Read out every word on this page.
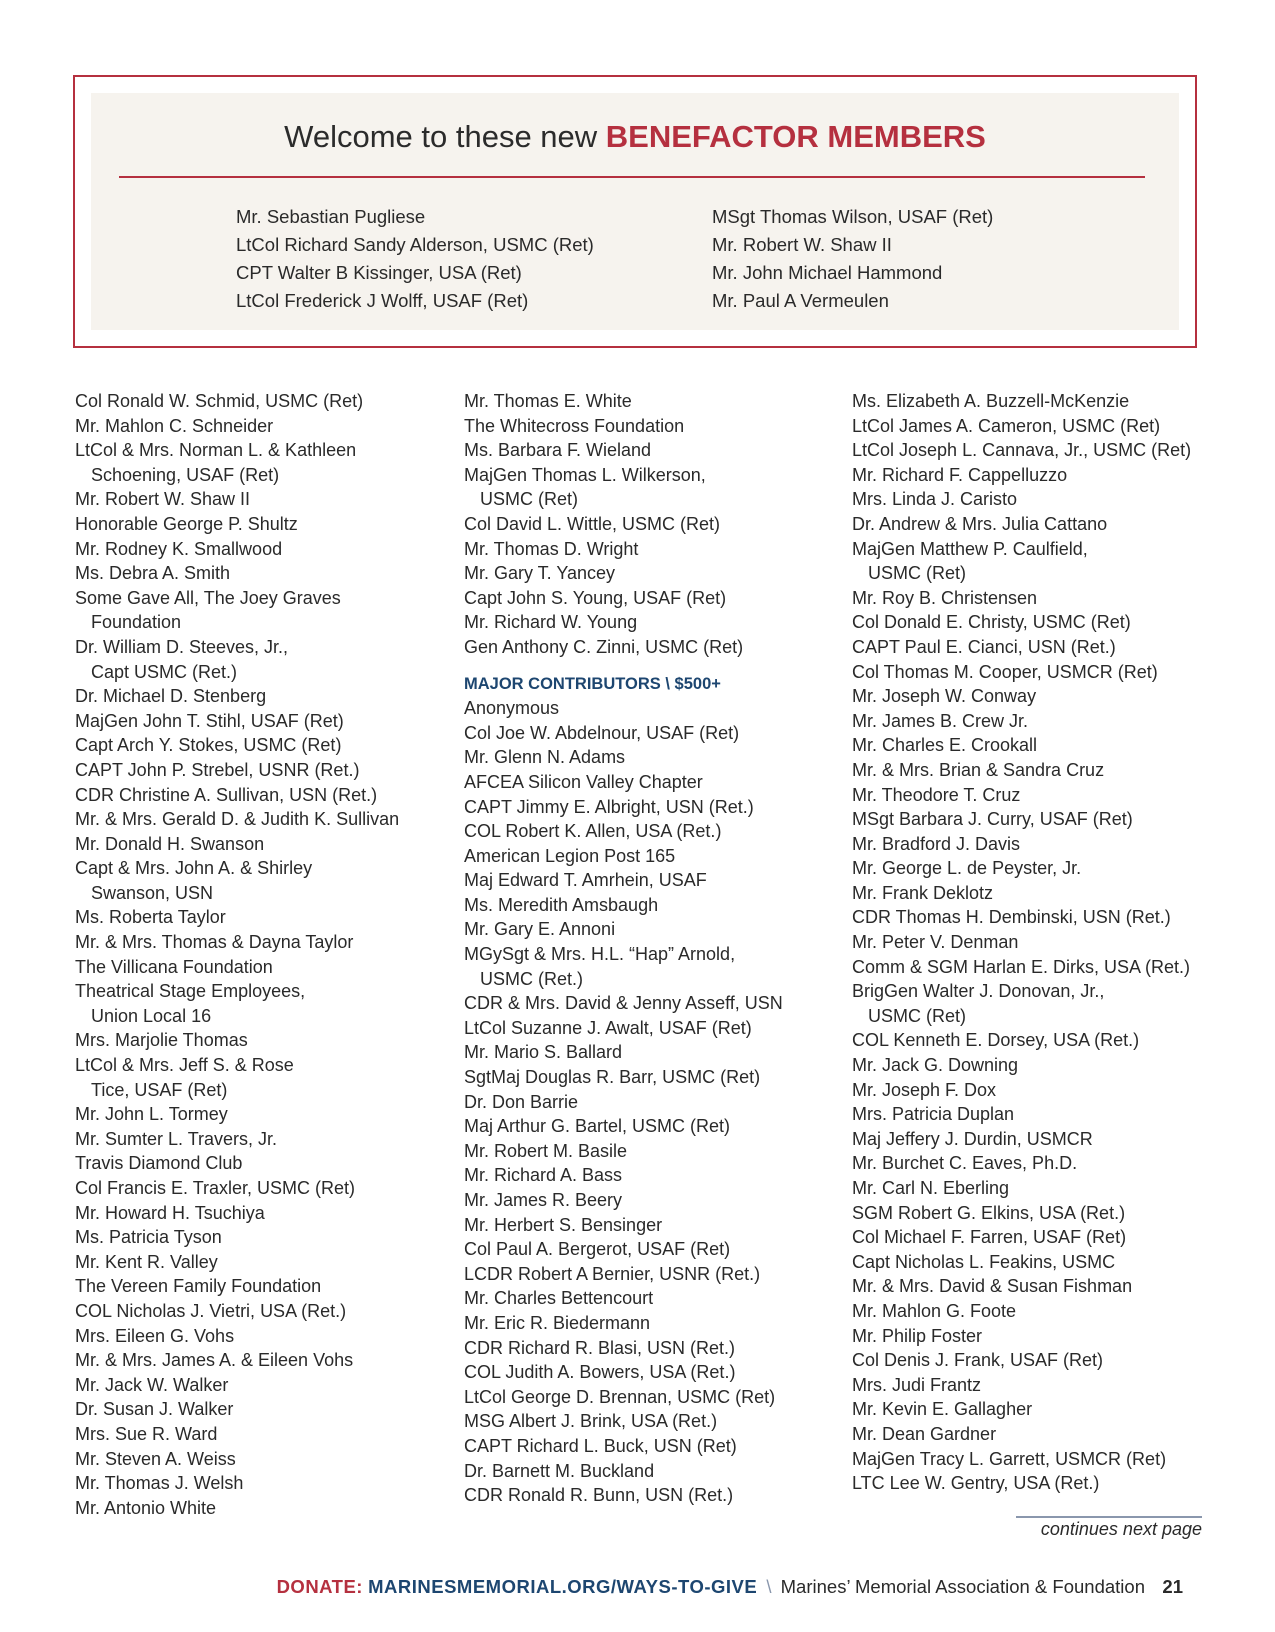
Welcome to these new BENEFACTOR MEMBERS
Mr. Sebastian Pugliese
LtCol Richard Sandy Alderson, USMC (Ret)
CPT Walter B Kissinger, USA (Ret)
LtCol Frederick J Wolff, USAF (Ret)
MSgt Thomas Wilson, USAF (Ret)
Mr. Robert W. Shaw II
Mr. John Michael Hammond
Mr. Paul A Vermeulen
Col Ronald W. Schmid, USMC (Ret)
Mr. Mahlon C. Schneider
LtCol & Mrs. Norman L. & Kathleen
Schoening, USAF (Ret)
Mr. Robert W. Shaw II
Honorable George P. Shultz
Mr. Rodney K. Smallwood
Ms. Debra A. Smith
Some Gave All, The Joey Graves
Foundation
Dr. William D. Steeves, Jr.,
Capt USMC (Ret.)
Dr. Michael D. Stenberg
MajGen John T. Stihl, USAF (Ret)
Capt Arch Y. Stokes, USMC (Ret)
CAPT John P. Strebel, USNR (Ret.)
CDR Christine A. Sullivan, USN (Ret.)
Mr. & Mrs. Gerald D. & Judith K. Sullivan
Mr. Donald H. Swanson
Capt & Mrs. John A. & Shirley
Swanson, USN
Ms. Roberta Taylor
Mr. & Mrs. Thomas & Dayna Taylor
The Villicana Foundation
Theatrical Stage Employees,
Union Local 16
Mrs. Marjolie Thomas
LtCol & Mrs. Jeff S. & Rose
Tice, USAF (Ret)
Mr. John L. Tormey
Mr. Sumter L. Travers, Jr.
Travis Diamond Club
Col Francis E. Traxler, USMC (Ret)
Mr. Howard H. Tsuchiya
Ms. Patricia Tyson
Mr. Kent R. Valley
The Vereen Family Foundation
COL Nicholas J. Vietri, USA (Ret.)
Mrs. Eileen G. Vohs
Mr. & Mrs. James A. & Eileen Vohs
Mr. Jack W. Walker
Dr. Susan J. Walker
Mrs. Sue R. Ward
Mr. Steven A. Weiss
Mr. Thomas J. Welsh
Mr. Antonio White
Mr. Thomas E. White
The Whitecross Foundation
Ms. Barbara F. Wieland
MajGen Thomas L. Wilkerson,
USMC (Ret)
Col David L. Wittle, USMC (Ret)
Mr. Thomas D. Wright
Mr. Gary T. Yancey
Capt John S. Young, USAF (Ret)
Mr. Richard W. Young
Gen Anthony C. Zinni, USMC (Ret)
MAJOR CONTRIBUTORS \ $500+
Anonymous
Col Joe W. Abdelnour, USAF (Ret)
Mr. Glenn N. Adams
AFCEA Silicon Valley Chapter
CAPT Jimmy E. Albright, USN (Ret.)
COL Robert K. Allen, USA (Ret.)
American Legion Post 165
Maj Edward T. Amrhein, USAF
Ms. Meredith Amsbaugh
Mr. Gary E. Annoni
MGySgt & Mrs. H.L. “Hap” Arnold,
USMC (Ret.)
CDR & Mrs. David & Jenny Asseff, USN
LtCol Suzanne J. Awalt, USAF (Ret)
Mr. Mario S. Ballard
SgtMaj Douglas R. Barr, USMC (Ret)
Dr. Don Barrie
Maj Arthur G. Bartel, USMC (Ret)
Mr. Robert M. Basile
Mr. Richard A. Bass
Mr. James R. Beery
Mr. Herbert S. Bensinger
Col Paul A. Bergerot, USAF (Ret)
LCDR Robert A Bernier, USNR (Ret.)
Mr. Charles Bettencourt
Mr. Eric R. Biedermann
CDR Richard R. Blasi, USN (Ret.)
COL Judith A. Bowers, USA (Ret.)
LtCol George D. Brennan, USMC (Ret)
MSG Albert J. Brink, USA (Ret.)
CAPT Richard L. Buck, USN (Ret)
Dr. Barnett M. Buckland
CDR Ronald R. Bunn, USN (Ret.)
Ms. Elizabeth A. Buzzell-McKenzie
LtCol James A. Cameron, USMC (Ret)
LtCol Joseph L. Cannava, Jr., USMC (Ret)
Mr. Richard F. Cappelluzzo
Mrs. Linda J. Caristo
Dr. Andrew & Mrs. Julia Cattano
MajGen Matthew P. Caulfield,
USMC (Ret)
Mr. Roy B. Christensen
Col Donald E. Christy, USMC (Ret)
CAPT Paul E. Cianci, USN (Ret.)
Col Thomas M. Cooper, USMCR (Ret)
Mr. Joseph W. Conway
Mr. James B. Crew Jr.
Mr. Charles E. Crookall
Mr. & Mrs. Brian & Sandra Cruz
Mr. Theodore T. Cruz
MSgt Barbara J. Curry, USAF (Ret)
Mr. Bradford J. Davis
Mr. George L. de Peyster, Jr.
Mr. Frank Deklotz
CDR Thomas H. Dembinski, USN (Ret.)
Mr. Peter V. Denman
Comm & SGM Harlan E. Dirks, USA (Ret.)
BrigGen Walter J. Donovan, Jr.,
USMC (Ret)
COL Kenneth E. Dorsey, USA (Ret.)
Mr. Jack G. Downing
Mr. Joseph F. Dox
Mrs. Patricia Duplan
Maj Jeffery J. Durdin, USMCR
Mr. Burchet C. Eaves, Ph.D.
Mr. Carl N. Eberling
SGM Robert G. Elkins, USA (Ret.)
Col Michael F. Farren, USAF (Ret)
Capt Nicholas L. Feakins, USMC
Mr. & Mrs. David & Susan Fishman
Mr. Mahlon G. Foote
Mr. Philip Foster
Col Denis J. Frank, USAF (Ret)
Mrs. Judi Frantz
Mr. Kevin E. Gallagher
Mr. Dean Gardner
MajGen Tracy L. Garrett, USMCR (Ret)
LTC Lee W. Gentry, USA (Ret.)
continues next page
DONATE: MARINESMEMORIAL.ORG/WAYS-TO-GIVE \ Marines’ Memorial Association & Foundation 21
